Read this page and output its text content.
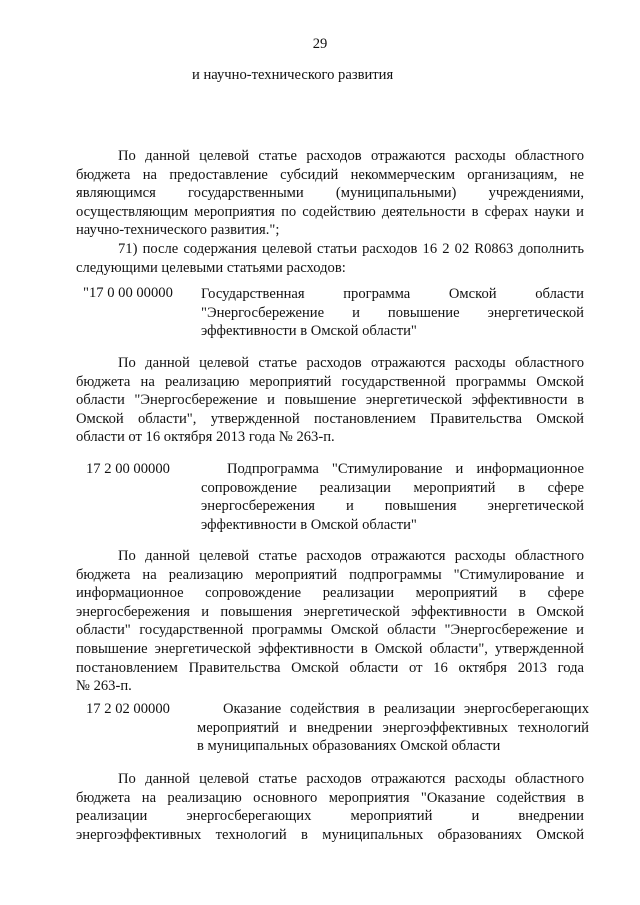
29
и научно-технического развития
По данной целевой статье расходов отражаются расходы областного
бюджета на предоставление субсидий некоммерческим организациям, не
являющимся государственными (муниципальными) учреждениями,
осуществляющим мероприятия по содействию деятельности в сферах науки и
научно-технического развития.";
71) после содержания целевой статьи расходов 16 2 02 R0863 дополнить
следующими целевыми статьями расходов:
"17 0 00 00000 Государственная программа Омской области
"Энергосбережение и повышение энергетической
эффективности в Омской области"
По данной целевой статье расходов отражаются расходы областного
бюджета на реализацию мероприятий государственной программы Омской
области "Энергосбережение и повышение энергетической эффективности в
Омской области", утвержденной постановлением Правительства Омской
области от 16 октября 2013 года № 263-п.
17 2 00 00000	Подпрограмма "Стимулирование и информационное
сопровождение реализации мероприятий в сфере
энергосбережения и повышения энергетической
эффективности в Омской области"
По данной целевой статье расходов отражаются расходы областного
бюджета на реализацию мероприятий подпрограммы "Стимулирование и
информационное сопровождение реализации мероприятий в сфере
энергосбережения и повышения энергетической эффективности в Омской
области" государственной программы Омской области "Энергосбережение и
повышение энергетической эффективности в Омской области", утвержденной
постановлением Правительства Омской области от 16 октября 2013 года
№ 263-п.
17 2 02 00000	Оказание содействия в реализации энергосберегающих
мероприятий и внедрении энергоэффективных технологий
в муниципальных образованиях Омской области
По данной целевой статье расходов отражаются расходы областного
бюджета на реализацию основного мероприятия "Оказание содействия в
реализации энергосберегающих мероприятий и внедрении
энергоэффективных технологий в муниципальных образованиях Омской
